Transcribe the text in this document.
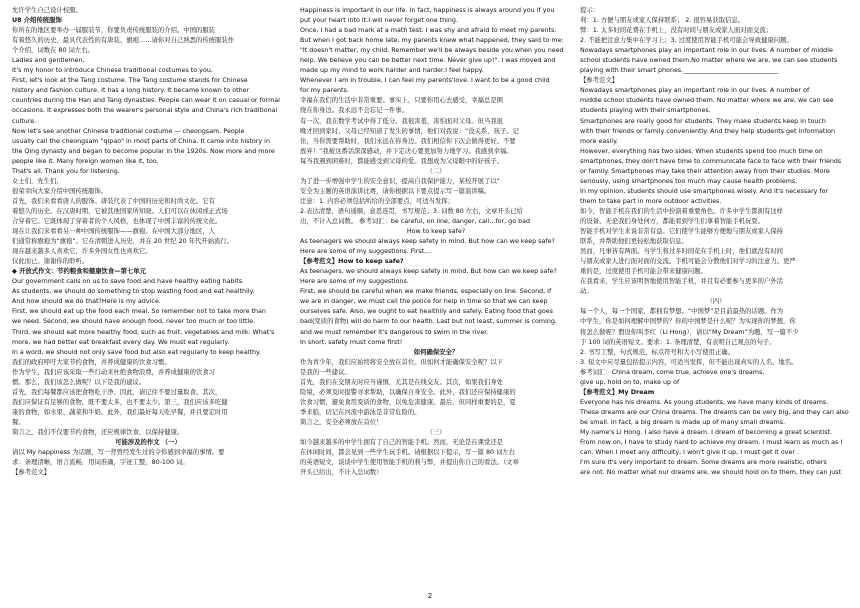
允许学生自己设计校服。
U8 介绍传统服饰
你所在的地区要举办一届服装节，你要负责传统服装的介绍。中国的服装
有着悠久的历史，最具代表性的有唐装、旗袍……请你对自己熟悉的传统服装作
个介绍，词数在 80 词左右。
Ladies and gentlemen,
It's my honor to introduce Chinese traditional costumes to you.
First, let's look at the Tang costume. The Tang costume stands for Chinese
history and fashion culture. It has a long history. It became known to other
countries during the Han and Tang dynasties. People can wear it on casual or formal
occasions. It expresses both the wearer's personal style and China's rich traditional
culture.
Now let's see another Chinese traditional costume — cheongsam. People
usually call the cheongsam "qipao" in most parts of China. It came into history in
the Qing dynasty and began to become popular in the 1920s. Now more and more
people like it. Many foreign women like it, too.
That's all. Thank you for listening.
女士们，先生们，
很荣幸向大家介绍中国传统服饰。
首先，我们来看看唐人的服饰。唐装代表了中国的历史和时尚文化。它有
着悠久的历史。在汉唐时期，它被其他国家所知晓。人们可以在休闲或正式场
合穿着它。它既体现了穿着者的个人风格，也体现了中国丰富的传统文化。
现在让我们来看看另一种中国传统服饰——旗袍。在中国大部分地区，人
们通常称旗袍为“旗袍”。它在清朝进入历史，并在 20 世纪 20 年代开始流行。
现在越来越多人喜欢它，许多外国女性也喜欢它。
仅此而已。谢谢你的聆听。
◆ 开放式作文：节约粮食和健康饮食—第七单元
Our government calls on us to save food and have healthy eating habits.
As students, we should do something to stop wasting food and eat healthily.
And how should we do that?Here is my advice.
First, we should eat up the food each meal. So remember not to take more than
we need. Second, we should have enough food, never too much or too little.
Third, we should eat more healthy food, such as fruit, vegetables and milk. What's
more, we had better eat breakfast every day. We must eat regularly.
In a word, we should not only save food but also eat regularly to keep healthy.
我们的政府呼吁大家节约食物，并养成健康的饮食习惯。
作为学生，我们应该采取一些行动来杜绝食物浪费，并养成健康的饮食习
惯。那么，我们该怎么做呢？以下是我的建议。
首先，我们每餐都应该把食物吃干净。因此，请记住不要过量取食。其次，
我们应保证有足够的食物，既不要太多，也不要太少。第三，我们应该多吃健
康的食物，如水果、蔬菜和牛奶。此外，我们最好每天吃早餐，并且要定时用
餐。
简言之，我们不仅要节约食物，还应规律饮食，以保持健康。
可能涉及的作文 （一）
请以 My happiness 为话题，写一背曾经发生过的令你感到幸福的事情。要
求：条理清晰，语言流畅，用词准确，字迹工整，80-100 词。
【参考范文】
Happiness is important in our life. In fact, happiness is always around you if you
put your heart into it.I will never forget one thing.
Once, I had a bad mark at a math test. I was shy and afraid to meet my parents.
But when I got back home late, my parents knew what happened, they said to me:
"It doesn't matter, my child. Remember we'll be always beside you when you need
help. We believe you can be better next time. Never give up!". I was moved and
made up my mind to work harder and harder.I feel happy.
Whenever I am in trouble, I can feel my parents'love. I want to be a good child
for my parents.
幸福在我们的生活中非常重要。事实上，只要你用心去感受，幸福总是围
绕在你身边。我永远不会忘记一件事。
有一次，我在数学考试中得了低分。我很害羞，害怕面对父母。但当我很
晚才回到家时，父母已经知道了发生的事情，他们对我说：“没关系，孩子。记
住，当你需要帮助时，我们永远在你身边。我们相信你下次会做得更好。不要
放弃！”我被这番话深深感动，并下定决心要更加努力地学习。我感到幸福。
每当我遇到困难时，都能感受到父母的爱。我想成为父母眼中的好孩子。
（二）
为了进一步增强中学生的安全意识，提高自我保护能力，某校开展了以“
安全为主题的英语演讲比赛，请你根据以下要点提示写一篇演讲稿。
注意：1. 内容必须包括所给的全部要点，可适当发挥；
2.表达清楚，语句通顺，意思连贯，书写规范；3. 词数 80 左右，文章开头已给
出，不计入总词数。 参考词汇：be careful, on line, danger, call...for, go bad
How to keep safe?
As teenagers we should always keep safety in mind. But how can we keep safe?
Here are some of my suggestions. First,...
【参考范文】How to keep safe?
As teenagers, we should always keep safety in mind. But how can we keep safe?
Here are some of my suggestions.
First, we should be careful when we make friends, especially on line. Second, if
we are in danger, we must call the police for help in time so that we can keep
ourselves safe. Also, we ought to eat healthily and safely. Eating food that goes
bad(变质的食物) will do harm to our health. Last but not least, summer is coming,
and we must remember it's dangerous to swim in the river.
In short, safety must come first!
如何确保安全？
作为青少年，我们应始终将安全放在首位。但如何才能确保安全呢？以下
是我的一些建议。
首先，我们在交朋友时应当谨慎，尤其是在线交友。其次，如果我们身处
险境，必须及时报警寻求帮助，以确保自身安全。此外，我们还应保持健康的
饮食习惯，避免食用变质的食物，以免危害健康。最后，但同样重要的是，夏
季来临，切记在河流中游泳是非常危险的。
简言之，安全必须放在首位！
（三）
如今越来越多的中学生拥有了自己的智能手机。然而，无论是在课堂还是
在休闲时间，都会见到一些学生玩手机。请根据以下提示，写一篇 80 词左右
的英语短文，谈谈中学生使用智能手机的利与弊，并提出你自己的看法。（文章
开头已给出，不计入总词数）
提示：
利：1. 方便与朋友或家人保持联系； 2. 很容易获取信息。
弊：1. 太多时间花费在手机上，没有时间与朋友或家人面对面交流；
2. 不能把注意力集中在学习上；3. 过度使用智能手机可能会导致健康问题。
Nowadays smartphones play an important role in our lives. A number of middle
school students have owned them.No matter where we are, we can see students
playing with their smart phones.______________________________
【参考范文】
Nowadays smartphones play an important role in our lives. A number of
middle school students have owned them. No matter where we are, we can see
students playing with their smartphones.
Smartphones are really good for students. They make students keep in touch
with their friends or family conveniently. And they help students get information
more easily.
However, everything has two sides. When students spend too much time on
smartphones, they don't have time to communicate face to face with their friends
or family. Smartphones may take their attention away from their studies. More
seriously, using smartphones too much may cause health problems.
In my opinion, students should use smartphones wisely. And it's necessary for
them to take part in more outdoor activities.
如今，智能手机在我们的生活中扮演着重要角色。许多中学生都拥有这样
的设备。无论我们身处何方，都能看到学生们拿着智能手机玩耍。
智能手机对学生来说非常有益。它们使学生能够方便地与朋友或家人保持
联系，并帮助他们更轻松地获取信息。
然而，凡事皆有两面。当学生将过多时间花在手机上时，他们就没有时间
与朋友或家人进行面对面的交流。手机可能会分散他们对学习的注意力。更严
重的是，过度使用手机可能会带来健康问题。
在我看来，学生应该明智地使用智能手机，并且有必要参与更多的户外活
动。
（四）
每一个人，每一个国家，都拥有梦想。“中国梦”是目前最热的话题。作为
中学生，你是如何理解中国梦的？你的中国梦是什么呢？为实现你的梦想，你
将怎么做呢？假设你叫李红（Li Hong），请以“My Dream”为题，写一篇不少
于 100 词的英语短文。要求：1. 条理清楚，有表明自己观点的句子。
2. 书写工整，句式规范，标点符号和大小写使用正确。
3. 短文中应尽量包括提示内容，可适当发挥，但不能出现真实的人名、地名。
参考词汇：China dream, come true, achieve one's dreams,
give up, hold on to, make up of
【参考范文】My Dream
Everyone has his dreams. As young students, we have many kinds of dreams.
These dreams are our China dreams. The dreams can be very big, and they can also
be small. In fact, a big dream is made up of many small dreams.
My name's Li Hong. I also have a dream. I dream of becoming a great scientist.
From now on, I have to study hard to achieve my dream. I must learn as much as I
can. When I meet any difficulty, I won't give it up, I must get it over .
I'm sure it's very important to dream. Some dreams are more realistic, others
are not. No matter what our dreams are, we should hold on to them, they can just
2
